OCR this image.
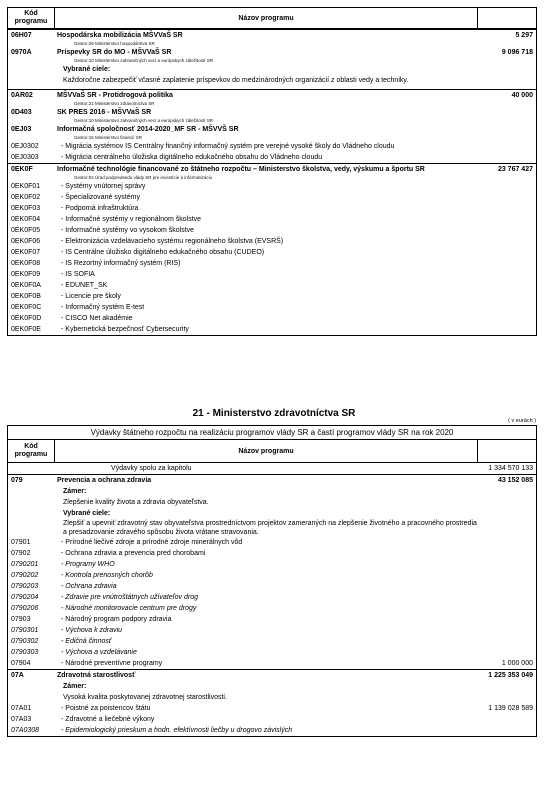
Kód programu	Názov programu
06H07	Hospodárska mobilizácia MŠVVaŠ SR	5 297
Gestor:26 Ministerstvo hospodárstva SR
0970A	Príspevky SR do MO - MŠVVaŠ SR	9 096 718
Gestor:10 Ministerstvo zahraničných vecí a európskych záležitostí SR
Vybrané ciele:
Každoročne zabezpečiť včasné zaplatenie príspevkov do medzinárodných organizácií z oblasti vedy a techniky.
0AR02	MŠVVaŠ SR - Protidrogová politika	40 000
Gestor:21 Ministerstvo zdravotníctva SR
0D403	SK PRES 2016 - MŠVVaŠ SR
Gestor:10 Ministerstvo zahraničných vecí a európskych záležitostí SR
0EJ03	Informačná spoločnosť 2014-2020_MF SR - MŠVVŠ SR
Gestor:15 Ministerstvo financií SR
0EJ0302	- Migrácia systémov IS Centrálny finančný informačný systém pre verejné vysoké školy do Vládneho cloudu
0EJ0303	- Migrácia centrálneho úložiska digitálneho edukačného obsahu do Vládneho cloudu
0EK0F	Informačné technológie financované zo štátneho rozpočtu – Ministerstvo školstva, vedy, výskumu a športu SR	23 767 427
Gestor:04 Úrad podpredsedu vlády SR pre investície a informatizáciu
0EK0F01	- Systémy vnútornej správy
0EK0F02	- Špecializované systémy
0EK0F03	- Podporná infraštruktúra
0EK0F04	- Informačné systémy v regionálnom školstve
0EK0F05	- Informačné systémy vo vysokom školstve
0EK0F06	- Elektronizácia vzdelávacieho systému regionálneho školstva (EVSRŠ)
0EK0F07	- IS Centrálne úložisko digitálneho edukačného obsahu (CUDEO)
0EK0F08	- IS Rezortný informačný systém (RIS)
0EK0F09	- IS SOFIA
0EK0F0A	- EDUNET_SK
0EK0F0B	- Licencie pre školy
0EK0F0C	- Informačný systém E-test
0EK0F0D	- CISCO Net akadémie
0EK0F0E	- Kybernetická bezpečnosť Cybersecurity
21 - Ministerstvo zdravotníctva SR
( v eurách )
Výdavky štátneho rozpočtu na realizáciu programov vlády SR a častí programov vlády SR na rok 2020
Kód programu	Názov programu
Výdavky spolu za kapitolu	1 334 570 133
079	Prevencia a ochrana zdravia	43 152 085
Zámer:
Zlepšenie kvality života a zdravia obyvateľstva.
Vybrané ciele:
Zlepšiť a upevniť zdravotný stav obyvateľstva prostredníctvom projektov zameraných na zlepšenie životného a pracovného prostredia a presadzovanie zdravého spôsobu života vrátane stravovania.
07901	- Prírodné liečivé zdroje a prírodné zdroje minerálnych vôd
07902	- Ochrana zdravia a prevencia pred chorobami
0790201	- Programy WHO
0790202	- Kontrola prenosných chorôb
0790203	- Ochrana zdravia
0790204	- Zdravie pre vnútroštátnych užívateľov drog
0790206	- Národné monitorovacie centrum pre drogy
07903	- Národný program podpory zdravia
0790301	- Výchova k zdraviu
0790302	- Edičná činnosť
0790303	- Výchova a vzdelávanie
07904	- Národné preventívne programy	1 000 000
07A	Zdravotná starostlivosť	1 225 353 049
Zámer:
Vysoká kvalita poskytovanej zdravotnej starostlivosti.
07A01	- Poistné za poistencov štátu	1 139 028 589
07A03	- Zdravotné a liečebné výkony
07A0308	- Epidemiologický prieskum a hodn. efektívnosti liečby u drogovo závislých
